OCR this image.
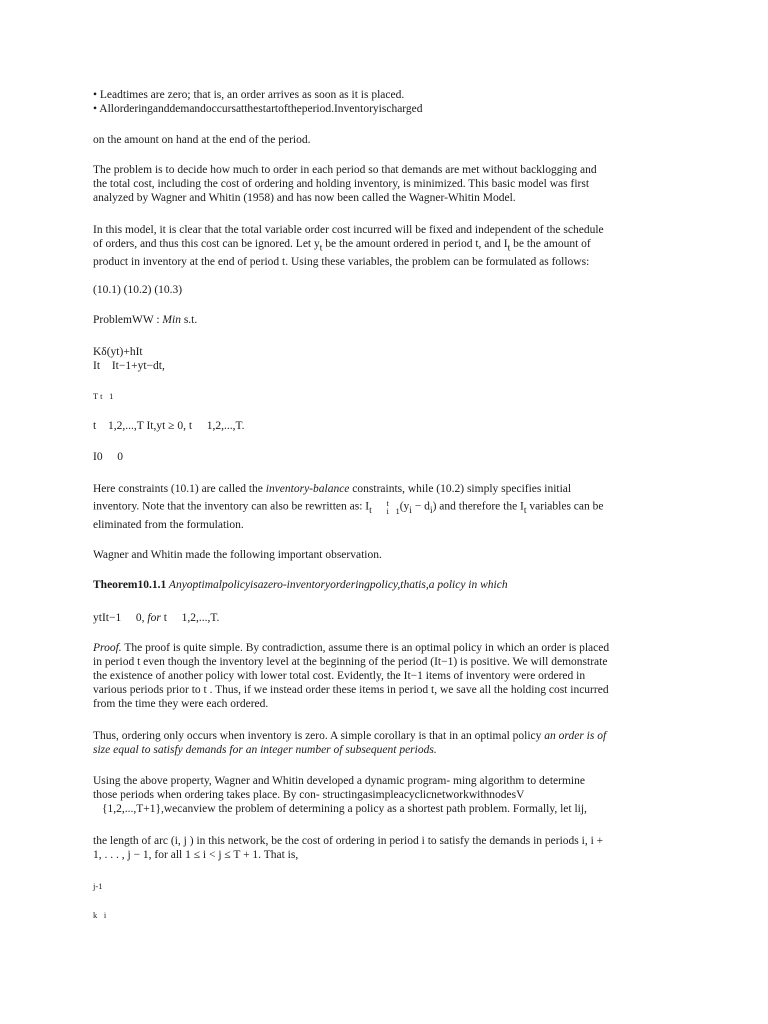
• Leadtimes are zero; that is, an order arrives as soon as it is placed.
• Allorderinganddemandoccursatthestartoftheperiod.Inventoryischarged
on the amount on hand at the end of the period.
The problem is to decide how much to order in each period so that demands are met without backlogging and
the total cost, including the cost of ordering and holding inventory, is minimized. This basic model was first
analyzed by Wagner and Whitin (1958) and has now been called the Wagner-Whitin Model.
In this model, it is clear that the total variable order cost incurred will be fixed and independent of the schedule
of orders, and thus this cost can be ignored. Let $y_t$ be the amount ordered in period t, and $I_t$ be the amount of
product in inventory at the end of period t. Using these variables, the problem can be formulated as follows:
(10.1) (10.2) (10.3)
ProblemWW : Min s.t.
Kδ(yt)+hIt
It  It−1+yt−dt,
T t 1
t  1,2,...,T It,yt ≥ 0, t   1,2,...,T.
I0   0
Here constraints (10.1) are called the inventory-balance constraints, while (10.2) simply specifies initial
inventory. Note that the inventory can also be rewritten as: $I_t$   t
i 1 $(y_i - d_i)$ and therefore the $I_t$ variables can be
eliminated from the formulation.
Wagner and Whitin made the following important observation.
Theorem10.1.1 Anyoptimalpolicyisazero-inventoryorderingpolicy,thatis,a policy in which
ytIt−1   0, for t   1,2,...,T.
Proof. The proof is quite simple. By contradiction, assume there is an optimal policy in which an order is placed
in period t even though the inventory level at the beginning of the period (It−1) is positive. We will demonstrate
the existence of another policy with lower total cost. Evidently, the It−1 items of inventory were ordered in
various periods prior to t . Thus, if we instead order these items in period t, we save all the holding cost incurred
from the time they were each ordered.
Thus, ordering only occurs when inventory is zero. A simple corollary is that in an optimal policy an order is of
size equal to satisfy demands for an integer number of subsequent periods.
Using the above property, Wagner and Whitin developed a dynamic program- ming algorithm to determine
those periods when ordering takes place. By con- structingasimpleacyclicnetworkwithnodesV
 {1,2,...,T+1},wecanview the problem of determining a policy as a shortest path problem. Formally, let lij,
the length of arc (i, j ) in this network, be the cost of ordering in period i to satisfy the demands in periods i, i +
1, . . . , j − 1, for all 1 ≤ i < j ≤ T + 1. That is,
j-1
k i
